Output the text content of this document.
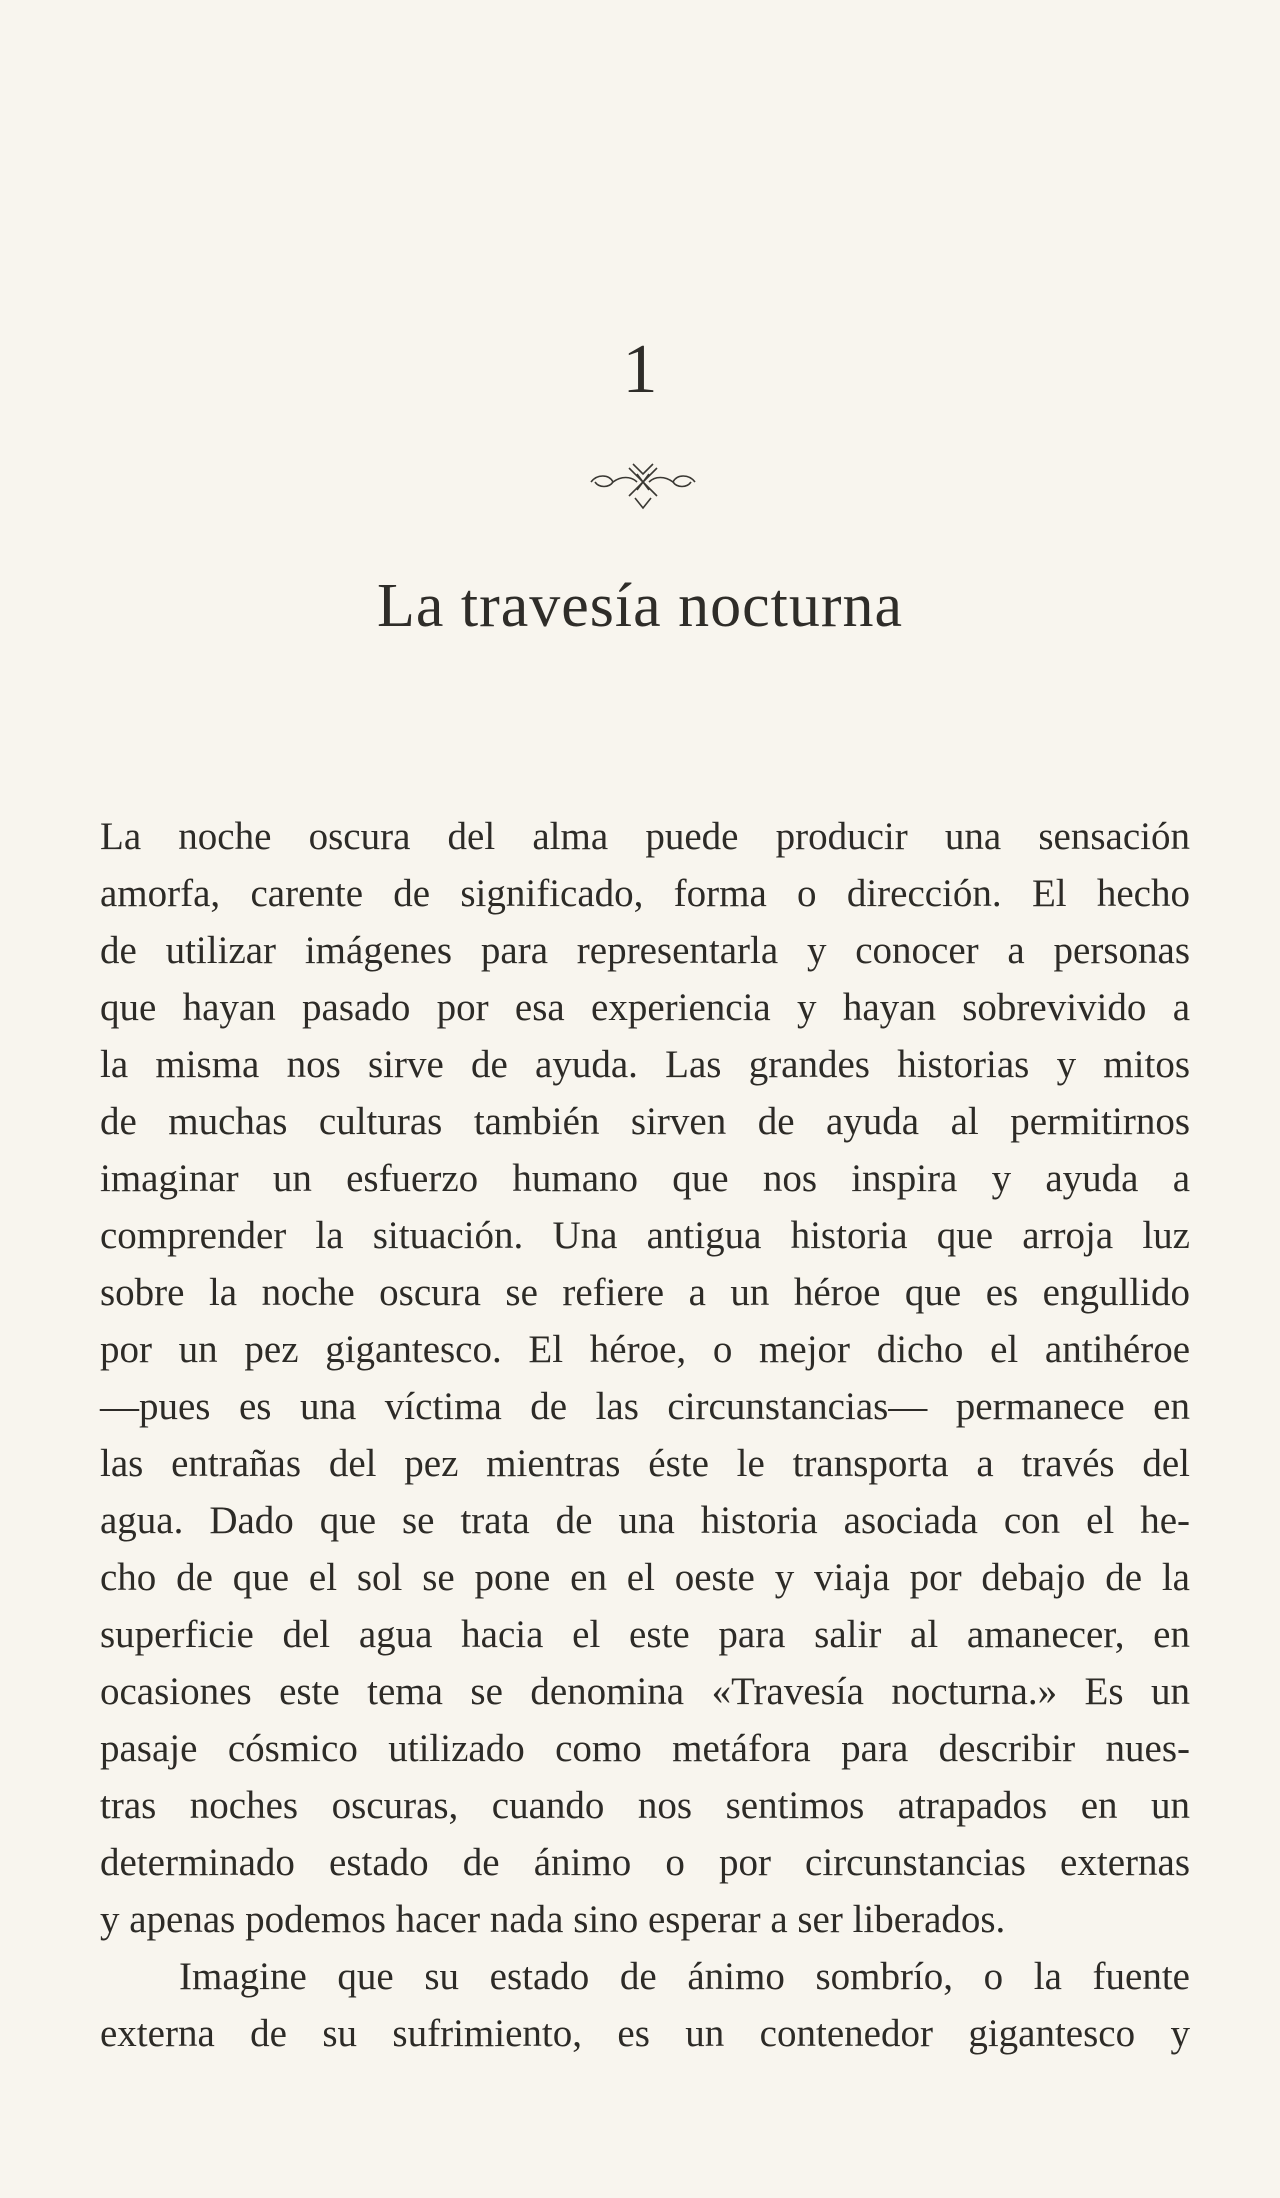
1
La travesía nocturna
La noche oscura del alma puede producir una sensación
amorfa, carente de significado, forma o dirección. El hecho
de utilizar imágenes para representarla y conocer a personas
que hayan pasado por esa experiencia y hayan sobrevivido a
la misma nos sirve de ayuda. Las grandes historias y mitos
de muchas culturas también sirven de ayuda al permitirnos
imaginar un esfuerzo humano que nos inspira y ayuda a
comprender la situación. Una antigua historia que arroja luz
sobre la noche oscura se refiere a un héroe que es engullido
por un pez gigantesco. El héroe, o mejor dicho el antihéroe
—pues es una víctima de las circunstancias— permanece en
las entrañas del pez mientras éste le transporta a través del
agua. Dado que se trata de una historia asociada con el he-
cho de que el sol se pone en el oeste y viaja por debajo de la
superficie del agua hacia el este para salir al amanecer, en
ocasiones este tema se denomina «Travesía nocturna.» Es un
pasaje cósmico utilizado como metáfora para describir nues-
tras noches oscuras, cuando nos sentimos atrapados en un
determinado estado de ánimo o por circunstancias externas
y apenas podemos hacer nada sino esperar a ser liberados.
Imagine que su estado de ánimo sombrío, o la fuente
externa de su sufrimiento, es un contenedor gigantesco y
